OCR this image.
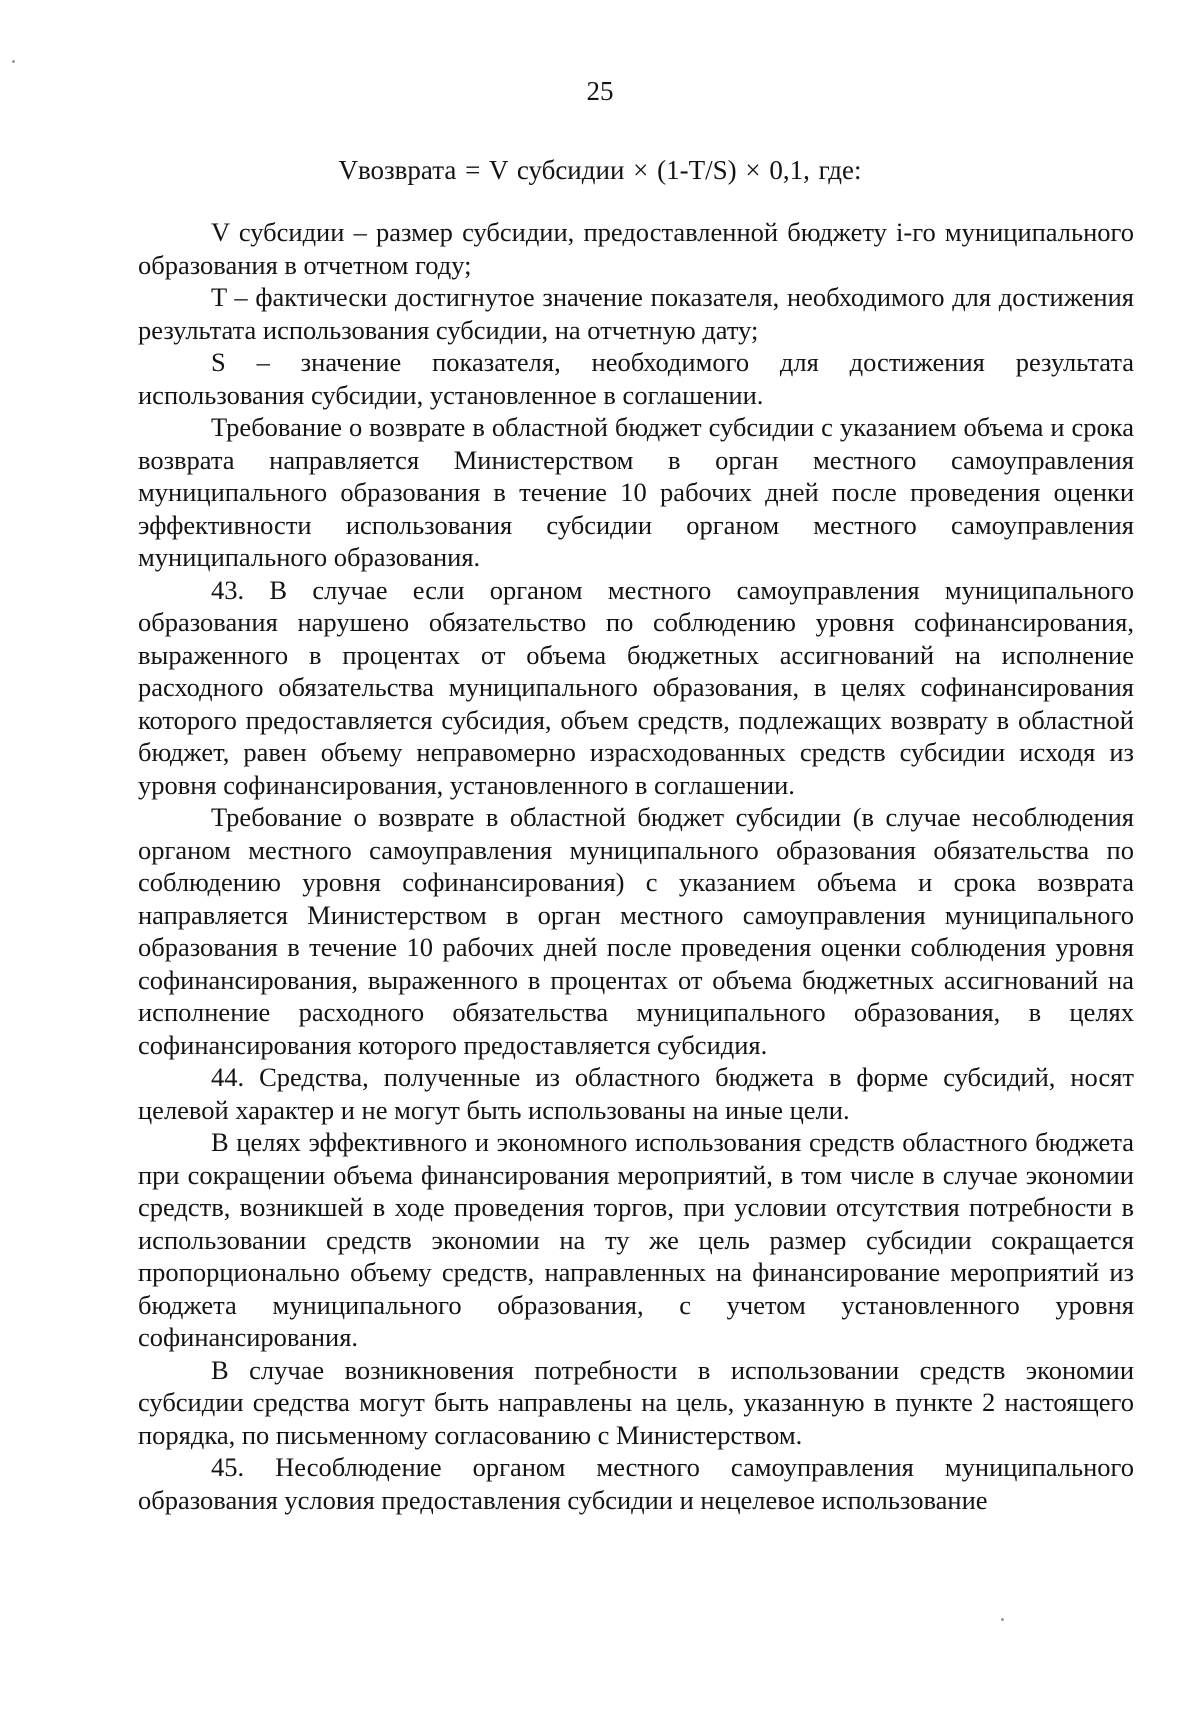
25
Vвозврата = V субсидии × (1-T/S) × 0,1, где:

V субсидии – размер субсидии, предоставленной бюджету i-го муниципального образования в отчетном году;

T – фактически достигнутое значение показателя, необходимого для достижения результата использования субсидии, на отчетную дату;

S – значение показателя, необходимого для достижения результата использования субсидии, установленное в соглашении.

Требование о возврате в областной бюджет субсидии с указанием объема и срока возврата направляется Министерством в орган местного самоуправления муниципального образования в течение 10 рабочих дней после проведения оценки эффективности использования субсидии органом местного самоуправления муниципального образования.

43. В случае если органом местного самоуправления муниципального образования нарушено обязательство по соблюдению уровня софинансирования, выраженного в процентах от объема бюджетных ассигнований на исполнение расходного обязательства муниципального образования, в целях софинансирования которого предоставляется субсидия, объем средств, подлежащих возврату в областной бюджет, равен объему неправомерно израсходованных средств субсидии исходя из уровня софинансирования, установленного в соглашении.

Требование о возврате в областной бюджет субсидии (в случае несоблюдения органом местного самоуправления муниципального образования обязательства по соблюдению уровня софинансирования) с указанием объема и срока возврата направляется Министерством в орган местного самоуправления муниципального образования в течение 10 рабочих дней после проведения оценки соблюдения уровня софинансирования, выраженного в процентах от объема бюджетных ассигнований на исполнение расходного обязательства муниципального образования, в целях софинансирования которого предоставляется субсидия.

44. Средства, полученные из областного бюджета в форме субсидий, носят целевой характер и не могут быть использованы на иные цели.

В целях эффективного и экономного использования средств областного бюджета при сокращении объема финансирования мероприятий, в том числе в случае экономии средств, возникшей в ходе проведения торгов, при условии отсутствия потребности в использовании средств экономии на ту же цель размер субсидии сокращается пропорционально объему средств, направленных на финансирование мероприятий из бюджета муниципального образования, с учетом установленного уровня софинансирования.

В случае возникновения потребности в использовании средств экономии субсидии средства могут быть направлены на цель, указанную в пункте 2 настоящего порядка, по письменному согласованию с Министерством.

45. Несоблюдение органом местного самоуправления муниципального образования условия предоставления субсидии и нецелевое использование
